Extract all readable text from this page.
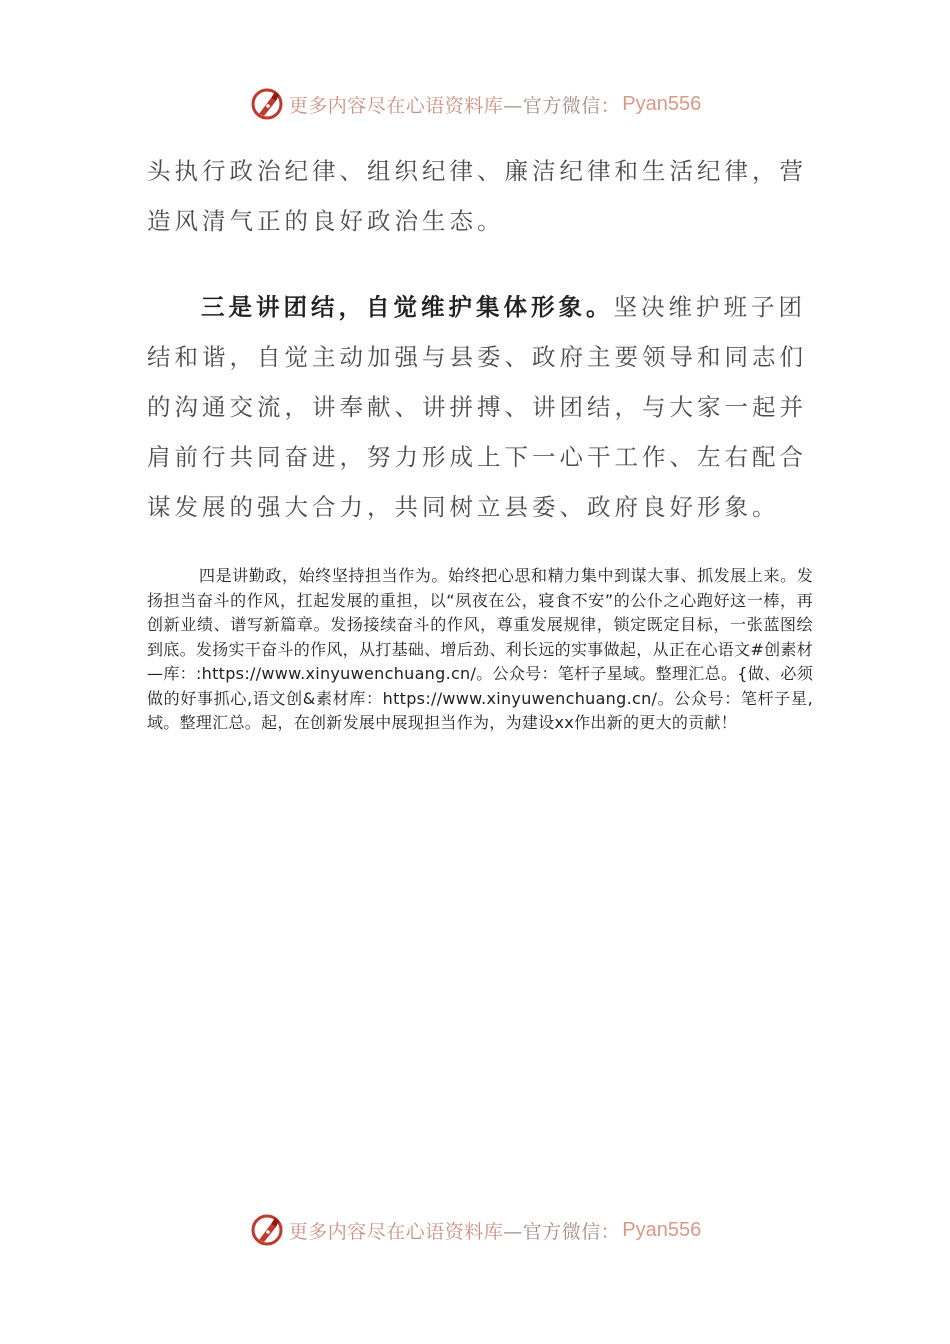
更多内容尽在心语资料库—官方微信： Pyan556

头执行政治纪律、组织纪律、廉洁纪律和生活纪律，营造风清气正的良好政治生态。

三是讲团结，自觉维护集体形象。坚决维护班子团结和谐，自觉主动加强与县委、政府主要领导和同志们的沟通交流，讲奉献、讲拼搏、讲团结，与大家一起并肩前行共同奋进，努力形成上下一心干工作、左右配合谋发展的强大合力，共同树立县委、政府良好形象。

四是讲勤政，始终坚持担当作为。始终把心思和精力集中到谋大事、抓发展上来。发扬担当奋斗的作风，扛起发展的重担，以“夙夜在公，寝食不安”的公仆之心跑好这一棒，再创新业绩、谱写新篇章。发扬接续奋斗的作风，尊重发展规律，锁定既定目标，一张蓝图绘到底。发扬实干奋斗的作风，从打基础、增后劲、利长远的实事做起，从正在心语文#创素材—库：:https://www.xinyuwenchuang.cn/。公众号：笔杆子星域。整理汇总。{做、必须做的好事抓心,语文创&素材库：https://www.xinyuwenchuang.cn/。公众号：笔杆子星,域。整理汇总。起，在创新发展中展现担当作为，为建设xx作出新的更大的贡献！

更多内容尽在心语资料库—官方微信： Pyan556
